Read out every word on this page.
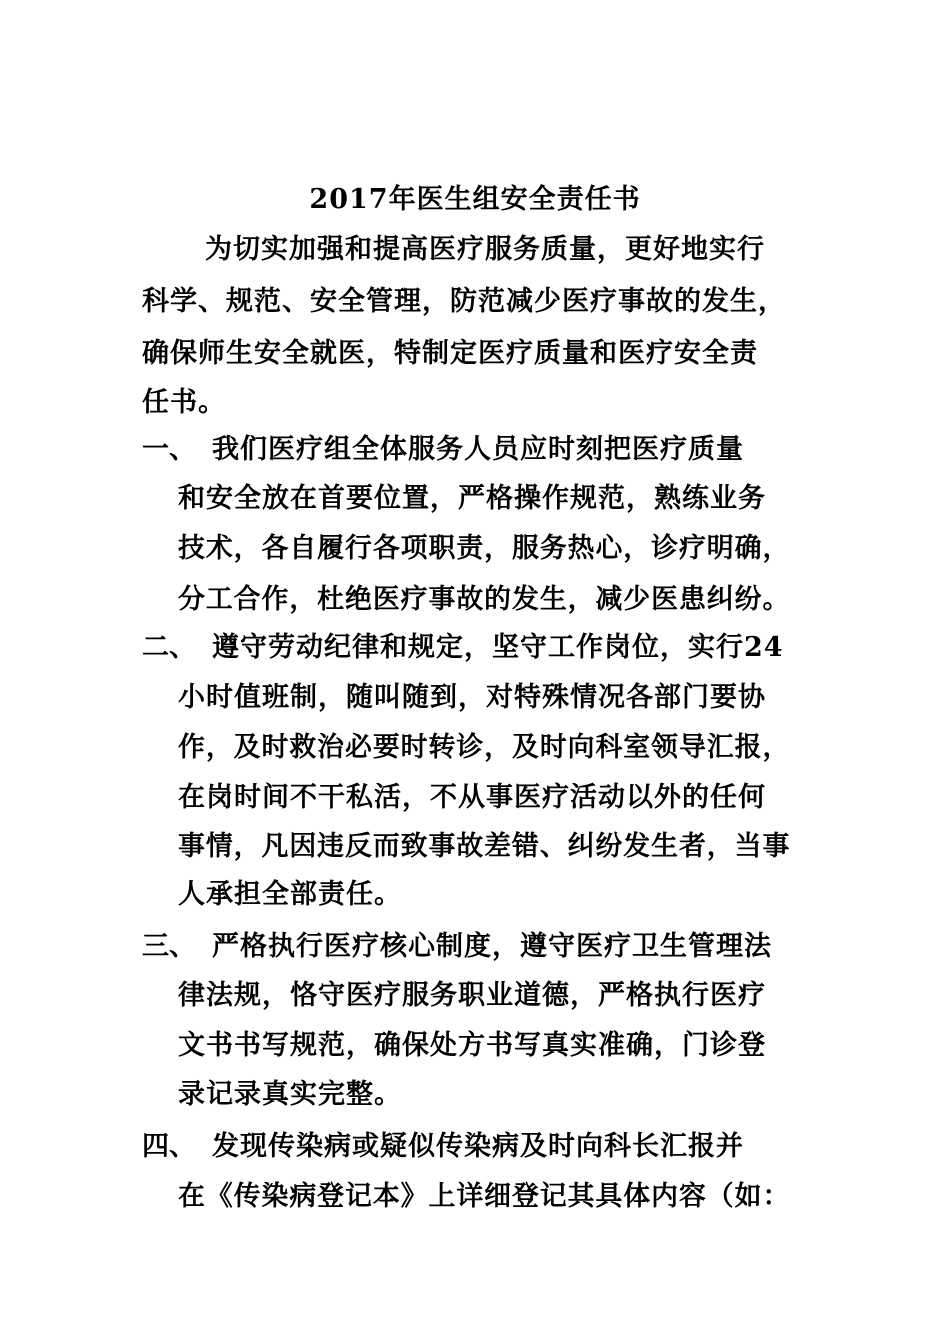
2017年医生组安全责任书
为切实加强和提高医疗服务质量，更好地实行
科学、规范、安全管理，防范减少医疗事故的发生，
确保师生安全就医，特制定医疗质量和医疗安全责
任书。
一、 我们医疗组全体服务人员应时刻把医疗质量
和安全放在首要位置，严格操作规范，熟练业务
技术，各自履行各项职责，服务热心，诊疗明确，
分工合作，杜绝医疗事故的发生，减少医患纠纷。
二、 遵守劳动纪律和规定，坚守工作岗位，实行24
小时值班制，随叫随到，对特殊情况各部门要协
作，及时救治必要时转诊，及时向科室领导汇报，
在岗时间不干私活，不从事医疗活动以外的任何
事情，凡因违反而致事故差错、纠纷发生者，当事
人承担全部责任。
三、 严格执行医疗核心制度，遵守医疗卫生管理法
律法规，恪守医疗服务职业道德，严格执行医疗
文书书写规范，确保处方书写真实准确，门诊登
录记录真实完整。
四、 发现传染病或疑似传染病及时向科长汇报并
在《传染病登记本》上详细登记其具体内容（如：
